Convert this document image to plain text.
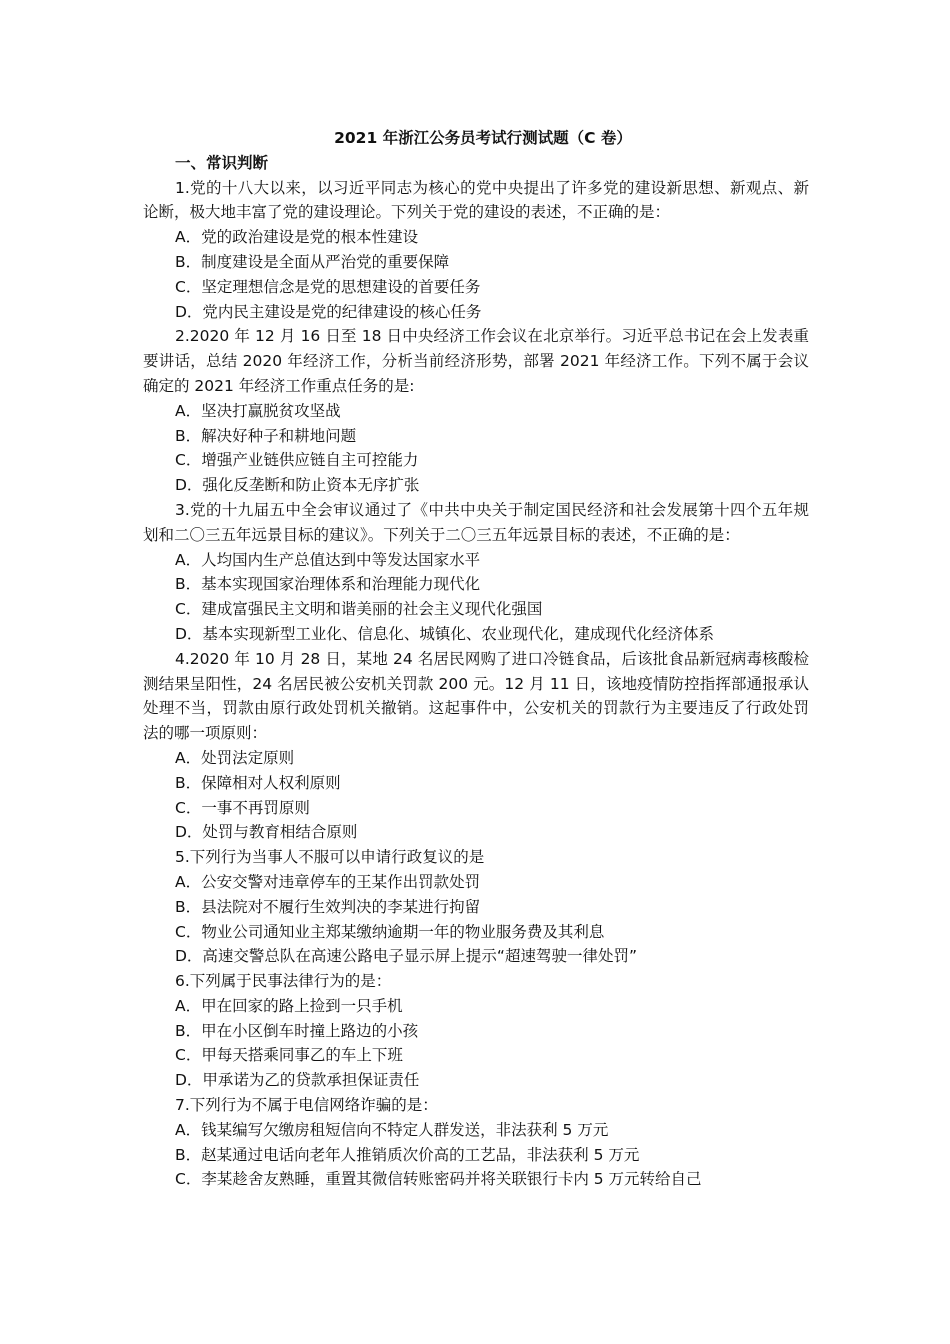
2021 年浙江公务员考试行测试题（C 卷）

一、常识判断

1.党的十八大以来，以习近平同志为核心的党中央提出了许多党的建设新思想、新观点、新论断，极大地丰富了党的建设理论。下列关于党的建设的表述，不正确的是：

A．党的政治建设是党的根本性建设

B．制度建设是全面从严治党的重要保障

C．坚定理想信念是党的思想建设的首要任务

D．党内民主建设是党的纪律建设的核心任务

2.2020 年 12 月 16 日至 18 日中央经济工作会议在北京举行。习近平总书记在会上发表重要讲话，总结 2020 年经济工作，分析当前经济形势，部署 2021 年经济工作。下列不属于会议确定的 2021 年经济工作重点任务的是:

A．坚决打赢脱贫攻坚战

B．解决好种子和耕地问题

C．增强产业链供应链自主可控能力

D．强化反垄断和防止资本无序扩张

3.党的十九届五中全会审议通过了《中共中央关于制定国民经济和社会发展第十四个五年规划和二〇三五年远景目标的建议》。下列关于二〇三五年远景目标的表述，不正确的是：

A．人均国内生产总值达到中等发达国家水平

B．基本实现国家治理体系和治理能力现代化

C．建成富强民主文明和谐美丽的社会主义现代化强国

D．基本实现新型工业化、信息化、城镇化、农业现代化，建成现代化经济体系

4.2020 年 10 月 28 日，某地 24 名居民网购了进口冷链食品，后该批食品新冠病毒核酸检测结果呈阳性，24 名居民被公安机关罚款 200 元。12 月 11 日，该地疫情防控指挥部通报承认处理不当，罚款由原行政处罚机关撤销。这起事件中，公安机关的罚款行为主要违反了行政处罚法的哪一项原则：

A．处罚法定原则

B．保障相对人权利原则

C．一事不再罚原则

D．处罚与教育相结合原则

5.下列行为当事人不服可以申请行政复议的是

A．公安交警对违章停车的王某作出罚款处罚

B．县法院对不履行生效判决的李某进行拘留

C．物业公司通知业主郑某缴纳逾期一年的物业服务费及其利息

D．高速交警总队在高速公路电子显示屏上提示“超速驾驶一律处罚”

6.下列属于民事法律行为的是：

A．甲在回家的路上捡到一只手机

B．甲在小区倒车时撞上路边的小孩

C．甲每天搭乘同事乙的车上下班

D．甲承诺为乙的贷款承担保证责任

7.下列行为不属于电信网络诈骗的是：

A．钱某编写欠缴房租短信向不特定人群发送，非法获利 5 万元

B．赵某通过电话向老年人推销质次价高的工艺品，非法获利 5 万元

C．李某趁舍友熟睡，重置其微信转账密码并将关联银行卡内 5 万元转给自己
